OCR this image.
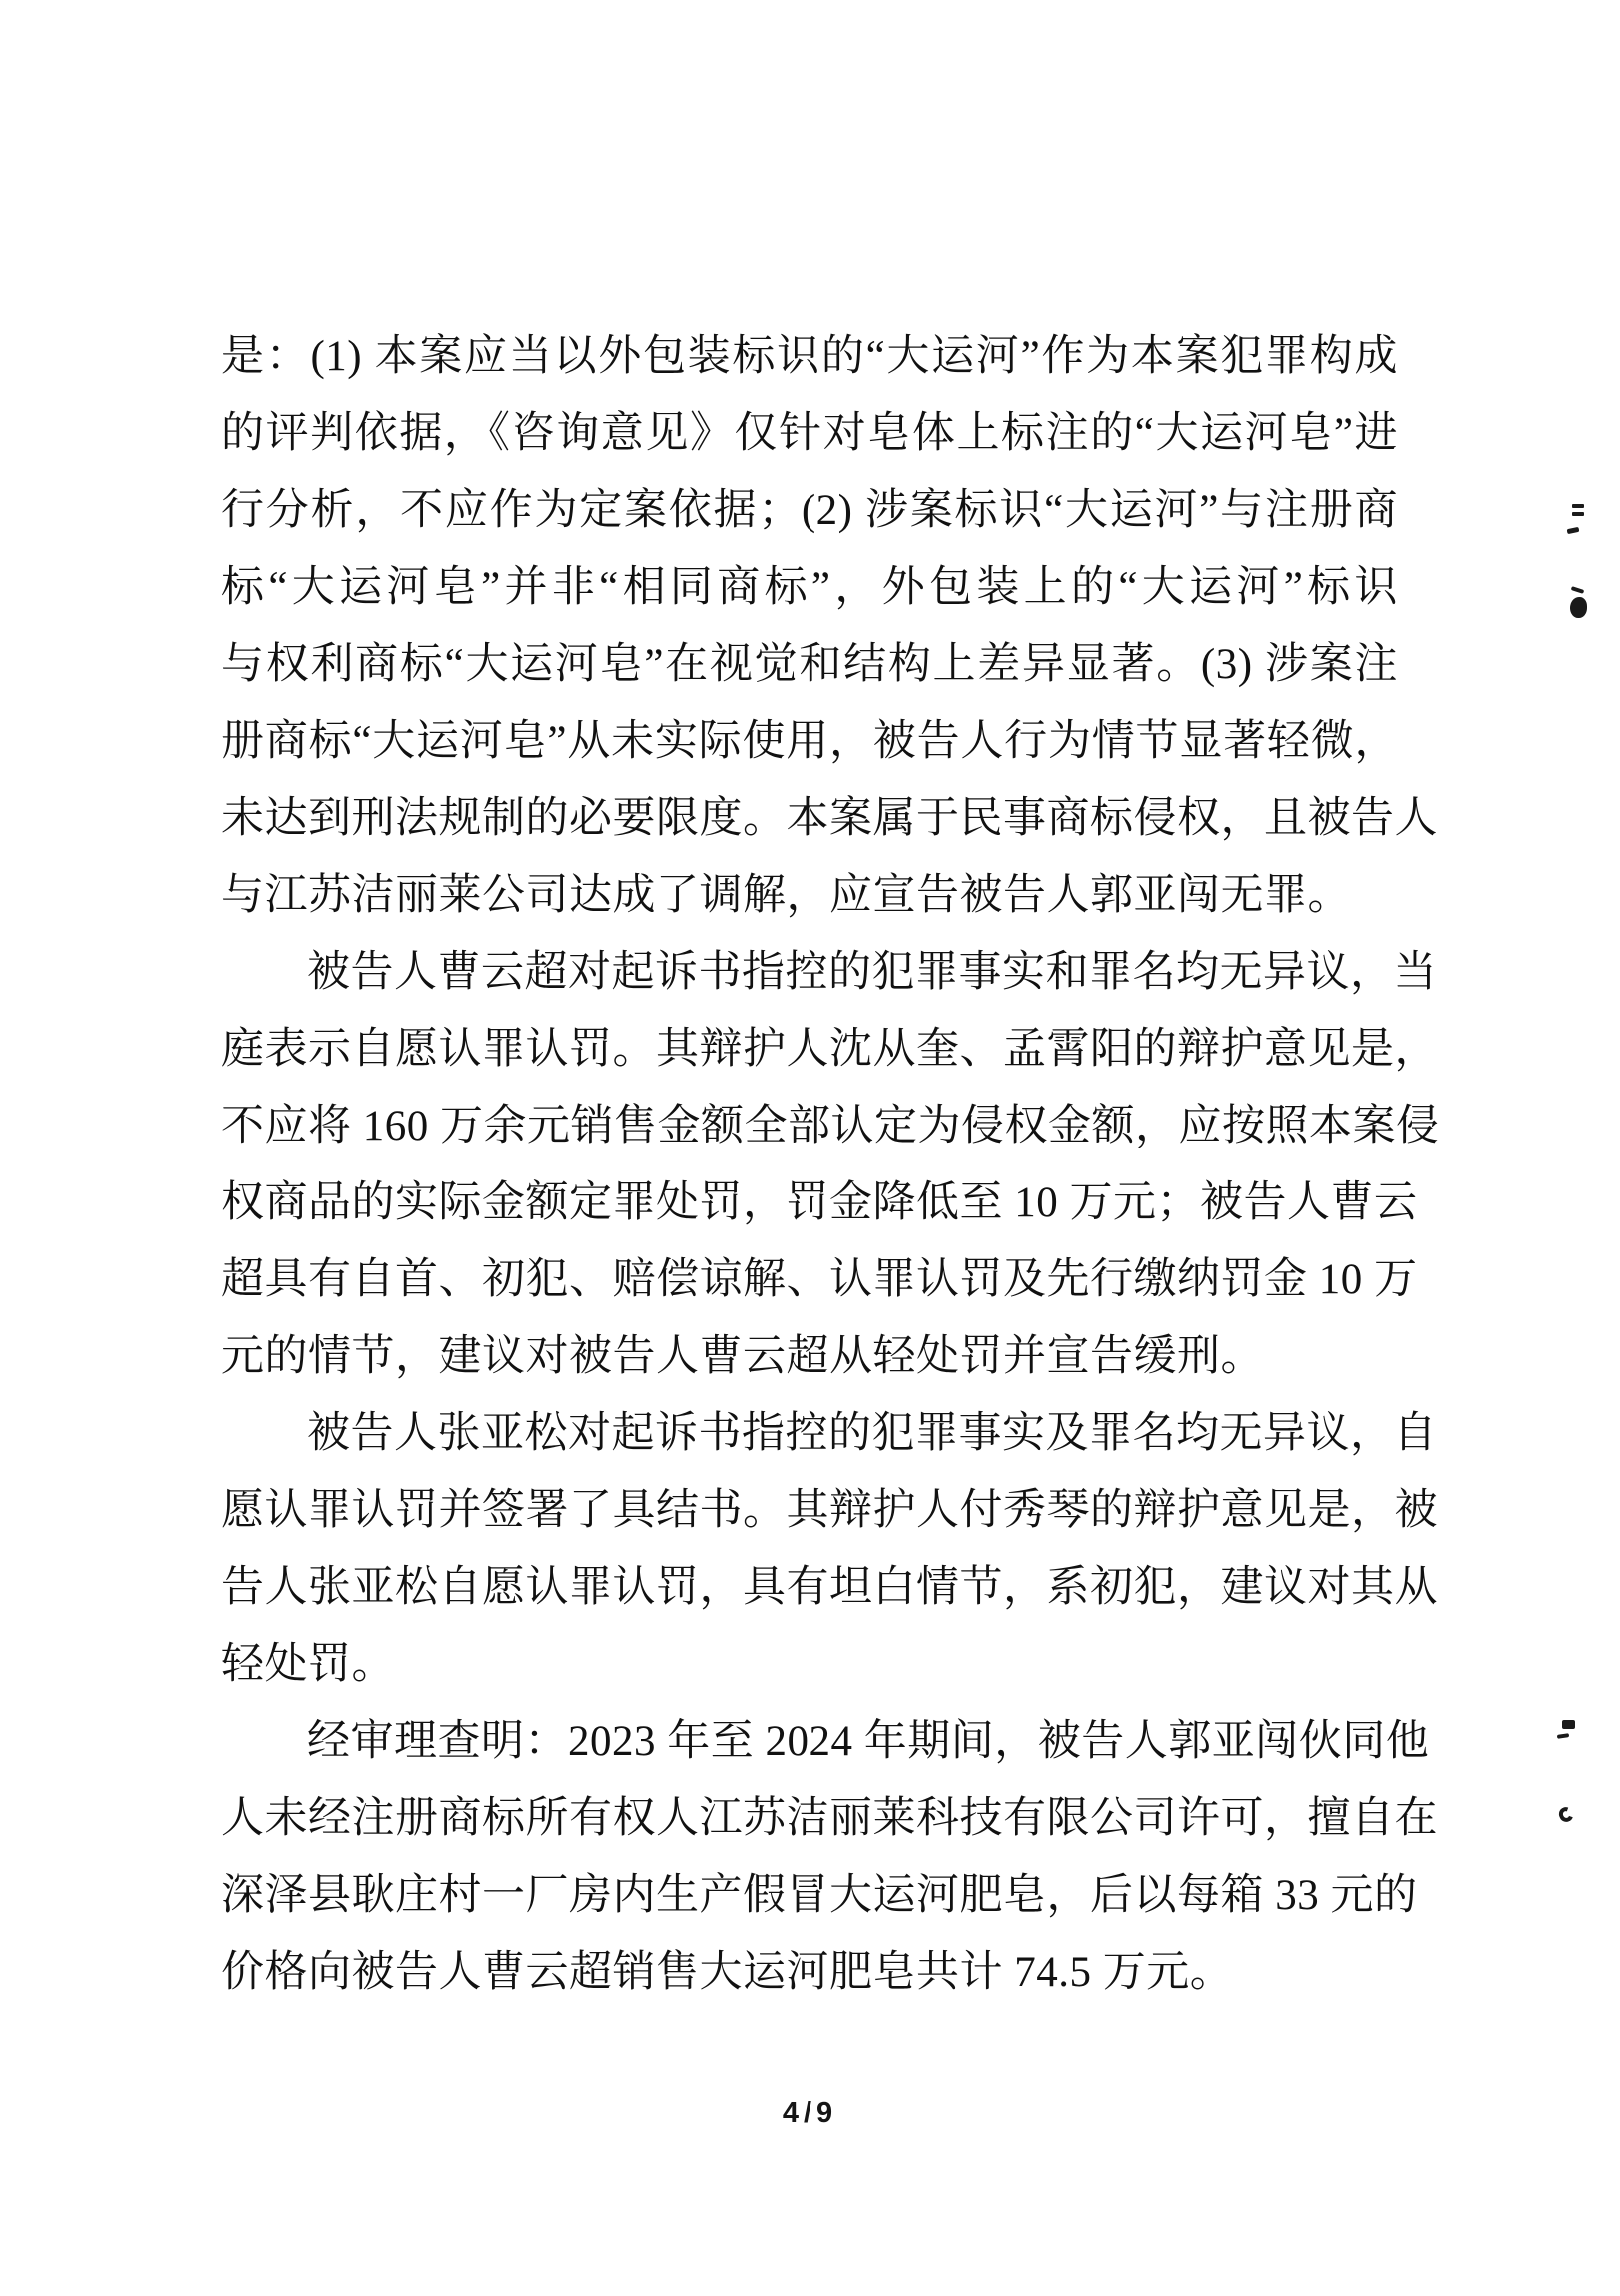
是：(1) 本案应当以外包装标识的“大运河”作为本案犯罪构成
的评判依据，《咨询意见》仅针对皂体上标注的“大运河皂”进
行分析，不应作为定案依据；(2) 涉案标识“大运河”与注册商
标“大运河皂”并非“相同商标”，外包装上的“大运河”标识
与权利商标“大运河皂”在视觉和结构上差异显著。(3) 涉案注
册商标“大运河皂”从未实际使用，被告人行为情节显著轻微，
未达到刑法规制的必要限度。本案属于民事商标侵权，且被告人
与江苏洁丽莱公司达成了调解，应宣告被告人郭亚闯无罪。
被告人曹云超对起诉书指控的犯罪事实和罪名均无异议，当
庭表示自愿认罪认罚。其辩护人沈从奎、孟霄阳的辩护意见是，
不应将 160 万余元销售金额全部认定为侵权金额，应按照本案侵
权商品的实际金额定罪处罚，罚金降低至 10 万元；被告人曹云
超具有自首、初犯、赔偿谅解、认罪认罚及先行缴纳罚金 10 万
元的情节，建议对被告人曹云超从轻处罚并宣告缓刑。
被告人张亚松对起诉书指控的犯罪事实及罪名均无异议，自
愿认罪认罚并签署了具结书。其辩护人付秀琴的辩护意见是，被
告人张亚松自愿认罪认罚，具有坦白情节，系初犯，建议对其从
轻处罚。
经审理查明：2023 年至 2024 年期间，被告人郭亚闯伙同他
人未经注册商标所有权人江苏洁丽莱科技有限公司许可，擅自在
深泽县耿庄村一厂房内生产假冒大运河肥皂，后以每箱 33 元的
价格向被告人曹云超销售大运河肥皂共计 74.5 万元。
4/9
